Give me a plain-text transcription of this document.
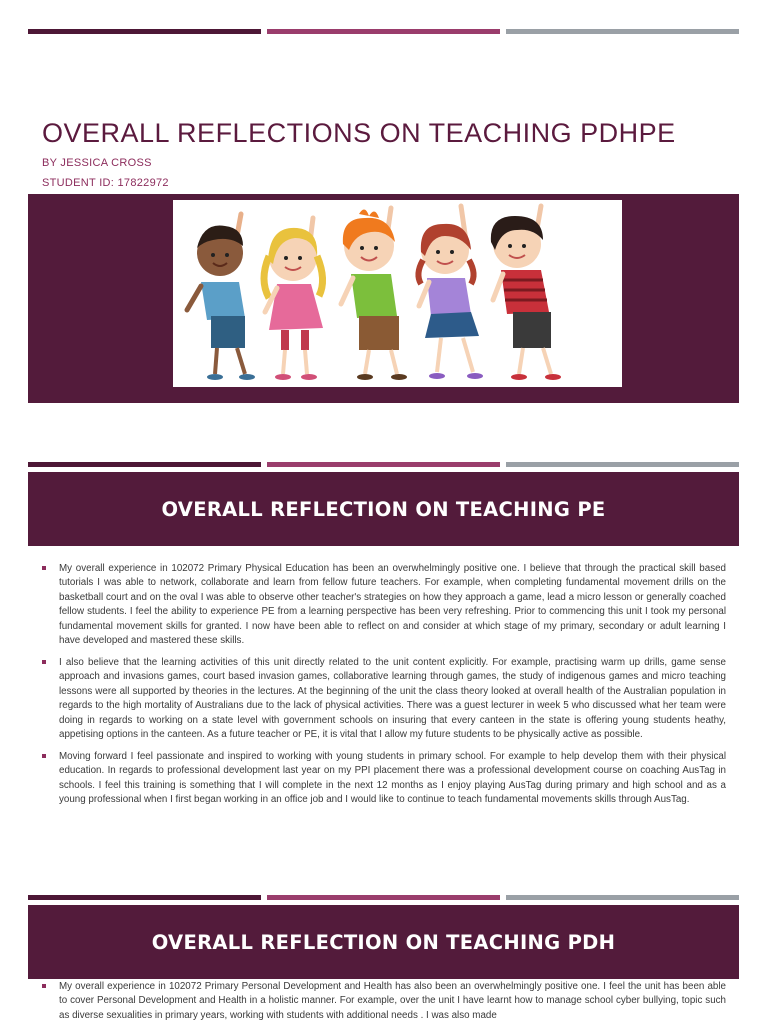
OVERALL REFLECTIONS ON TEACHING PDHPE
BY JESSICA CROSS
STUDENT ID: 17822972
OVERALL REFLECTION ON TEACHING PE
My overall experience in 102072 Primary Physical Education has been an overwhelmingly positive one. I believe that through the practical skill based tutorials I was able to network, collaborate and learn from fellow future teachers. For example, when completing fundamental movement drills on the basketball court and on the oval I was able to observe other teacher's strategies on how they approach a game, lead a micro lesson or generally coached fellow students. I feel the ability to experience PE from a learning perspective has been very refreshing. Prior to commencing this unit I took my personal fundamental movement skills for granted. I now have been able to reflect on and consider at which stage of my primary, secondary or adult learning I have developed and mastered these skills.
I also believe that the learning activities of this unit directly related to the unit content explicitly. For example, practising warm up drills, game sense approach and invasions games, court based invasion games, collaborative learning through games, the study of indigenous games and micro teaching lessons were all supported by theories in the lectures. At the beginning of the unit the class theory looked at overall health of the Australian population in regards to the high mortality of Australians due to the lack of physical activities. There was a guest lecturer in week 5 who discussed what her team were doing in regards to working on a state level with government schools on insuring that every canteen in the state is offering young students heathy, appetising options in the canteen. As a future teacher or PE, it is vital that I allow my future students to be physically active as possible.
Moving forward I feel passionate and inspired to working with young students in primary school. For example to help develop them with their physical education. In regards to professional development last year on my PPI placement there was a professional development course on coaching AusTag in schools. I feel this training is something that I will complete in the next 12 months as I enjoy playing AusTag during primary and high school and as a young professional when I first began working in an office job and I would like to continue to teach fundamental movements skills through AusTag.
OVERALL REFLECTION ON TEACHING PDH
My overall experience in 102072 Primary Personal Development and Health has also been an overwhelmingly positive one. I feel the unit has been able to cover Personal Development and Health in a holistic manner. For example, over the unit I have learnt how to manage school cyber bullying, topic such as diverse sexualities in primary years, working with students with additional needs . I was also made
